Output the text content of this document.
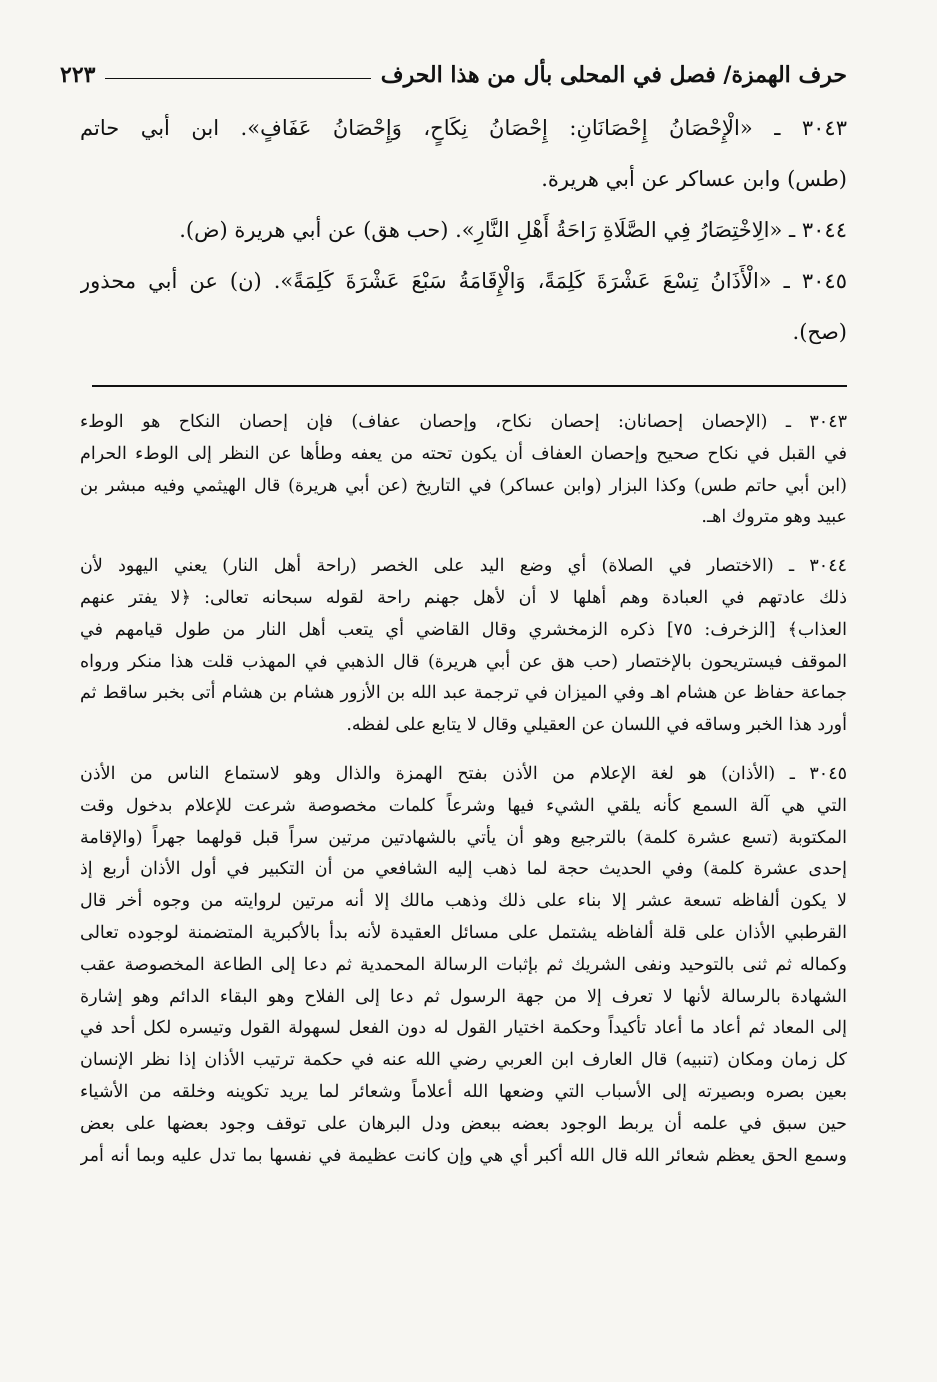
حرف الهمزة/ فصل في المحلى بأل من هذا الحرف
٢٢٣
٣٠٤٣ ـ «الْإِحْصَانُ إِحْصَانَانِ: إِحْصَانُ نِكَاحٍ، وَإِحْصَانُ عَفَافٍ». ابن أبي حاتم
(طس) وابن عساكر عن أبي هريرة.
٣٠٤٤ ـ «الِاخْتِصَارُ فِي الصَّلَاةِ رَاحَةُ أَهْلِ النَّارِ». (حب هق) عن أبي هريرة (ض).
٣٠٤٥ ـ «الْأَذَانُ تِسْعَ عَشْرَةَ كَلِمَةً، وَالْإِقَامَةُ سَبْعَ عَشْرَةَ كَلِمَةً». (ن) عن أبي محذور
(صح).
٣٠٤٣ ـ (الإحصان إحصانان: إحصان نكاح، وإحصان عفاف) فإن إحصان النكاح هو الوطء
في القبل في نكاح صحيح وإحصان العفاف أن يكون تحته من يعفه وطأها عن النظر إلى الوطء الحرام
(ابن أبي حاتم طس) وكذا البزار (وابن عساكر) في التاريخ (عن أبي هريرة) قال الهيثمي وفيه مبشر بن
عبيد وهو متروك اهـ.
٣٠٤٤ ـ (الاختصار في الصلاة) أي وضع اليد على الخصر (راحة أهل النار) يعني اليهود لأن
ذلك عادتهم في العبادة وهم أهلها لا أن لأهل جهنم راحة لقوله سبحانه تعالى: ﴿لا يفتر عنهم
العذاب﴾ [الزخرف: ٧٥] ذكره الزمخشري وقال القاضي أي يتعب أهل النار من طول قيامهم في
الموقف فيستريحون بالإختصار (حب هق عن أبي هريرة) قال الذهبي في المهذب قلت هذا منكر ورواه
جماعة حفاظ عن هشام اهـ وفي الميزان في ترجمة عبد الله بن الأزور هشام بن هشام أتى بخبر ساقط ثم
أورد هذا الخبر وساقه في اللسان عن العقيلي وقال لا يتابع على لفظه.
٣٠٤٥ ـ (الأذان) هو لغة الإعلام من الأذن بفتح الهمزة والذال وهو لاستماع الناس من الأذن
التي هي آلة السمع كأنه يلقي الشيء فيها وشرعاً كلمات مخصوصة شرعت للإعلام بدخول وقت
المكتوبة (تسع عشرة كلمة) بالترجيع وهو أن يأتي بالشهادتين مرتين سراً قبل قولهما جهراً (والإقامة
إحدى عشرة كلمة) وفي الحديث حجة لما ذهب إليه الشافعي من أن التكبير في أول الأذان أربع إذ
لا يكون ألفاظه تسعة عشر إلا بناء على ذلك وذهب مالك إلا أنه مرتين لروايته من وجوه أخر قال
القرطبي الأذان على قلة ألفاظه يشتمل على مسائل العقيدة لأنه بدأ بالأكبرية المتضمنة لوجوده تعالى
وكماله ثم ثنى بالتوحيد ونفى الشريك ثم بإثبات الرسالة المحمدية ثم دعا إلى الطاعة المخصوصة عقب
الشهادة بالرسالة لأنها لا تعرف إلا من جهة الرسول ثم دعا إلى الفلاح وهو البقاء الدائم وهو إشارة
إلى المعاد ثم أعاد ما أعاد تأكيداً وحكمة اختيار القول له دون الفعل لسهولة القول وتيسره لكل أحد في
كل زمان ومكان (تنبيه) قال العارف ابن العربي رضي الله عنه في حكمة ترتيب الأذان إذا نظر الإنسان
بعين بصره وبصيرته إلى الأسباب التي وضعها الله أعلاماً وشعائر لما يريد تكوينه وخلقه من الأشياء
حين سبق في علمه أن يربط الوجود بعضه ببعض ودل البرهان على توقف وجود بعضها على بعض
وسمع الحق يعظم شعائر الله قال الله أكبر أي هي وإن كانت عظيمة في نفسها بما تدل عليه وبما أنه أمر
